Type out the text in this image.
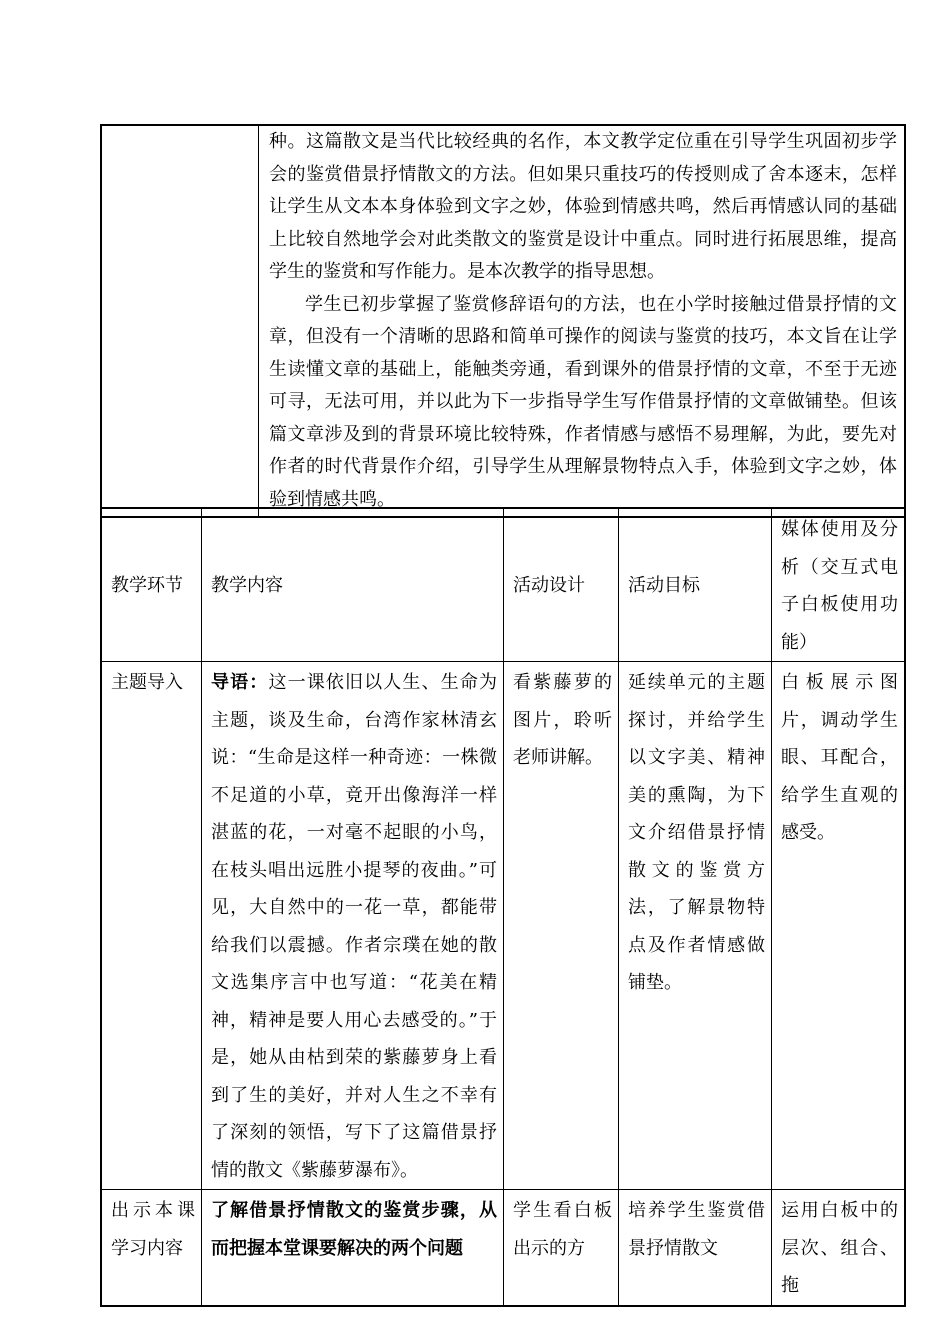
种。这篇散文是当代比较经典的名作，本文教学定位重在引导学生巩固初步学会的鉴赏借景抒情散文的方法。但如果只重技巧的传授则成了舍本逐末，怎样让学生从文本本身体验到文字之妙，体验到情感共鸣，然后再情感认同的基础上比较自然地学会对此类散文的鉴赏是设计中重点。同时进行拓展思维，提高学生的鉴赏和写作能力。是本次教学的指导思想。

学生已初步掌握了鉴赏修辞语句的方法，也在小学时接触过借景抒情的文章，但没有一个清晰的思路和简单可操作的阅读与鉴赏的技巧，本文旨在让学生读懂文章的基础上，能触类旁通，看到课外的借景抒情的文章，不至于无迹可寻，无法可用，并以此为下一步指导学生写作借景抒情的文章做铺垫。但该篇文章涉及到的背景环境比较特殊，作者情感与感悟不易理解，为此，要先对作者的时代背景作介绍，引导学生从理解景物特点入手，体验到文字之妙，体验到情感共鸣。

教学环节	教学内容	活动设计	活动目标	媒体使用及分析（交互式电子白板使用功能）

主题导入	导语：这一课依旧以人生、生命为主题，谈及生命，台湾作家林清玄说：“生命是这样一种奇迹：一株微不足道的小草，竟开出像海洋一样湛蓝的花，一对毫不起眼的小鸟，在枝头唱出远胜小提琴的夜曲。”可见，大自然中的一花一草，都能带给我们以震撼。作者宗璞在她的散文选集序言中也写道：“花美在精神，精神是要人用心去感受的。”于是，她从由枯到荣的紫藤萝身上看到了生的美好，并对人生之不幸有了深刻的领悟，写下了这篇借景抒情的散文《紫藤萝瀑布》。	看紫藤萝的图片，聆听老师讲解。	延续单元的主题探讨，并给学生以文字美、精神美的熏陶，为下文介绍借景抒情散文的鉴赏方法，了解景物特点及作者情感做铺垫。	白板展示图片，调动学生眼、耳配合，给学生直观的感受。

出示本课学习内容	了解借景抒情散文的鉴赏步骤，从而把握本堂课要解决的两个问题	学生看白板出示的方	培养学生鉴赏借景抒情散文	运用白板中的层次、组合、拖
